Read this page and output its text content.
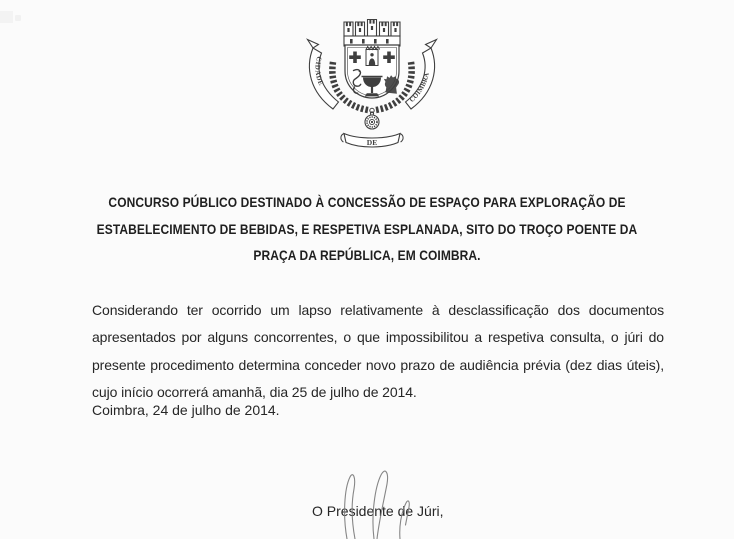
CIDADE
COIMBRA
DE
CONCURSO PÚBLICO DESTINADO À CONCESSÃO DE ESPAÇO PARA EXPLORAÇÃO DE
ESTABELECIMENTO DE BEBIDAS, E RESPETIVA ESPLANADA, SITO DO TROÇO POENTE DA
PRAÇA DA REPÚBLICA, EM COIMBRA.

Considerando ter ocorrido um lapso relativamente à desclassificação dos documentos apresentados por alguns concorrentes, o que impossibilitou a respetiva consulta, o júri do presente procedimento determina conceder novo prazo de audiência prévia (dez dias úteis), cujo início ocorrerá amanhã, dia 25 de julho de 2014.

Coimbra, 24 de julho de 2014.

O Presidente de Júri,
